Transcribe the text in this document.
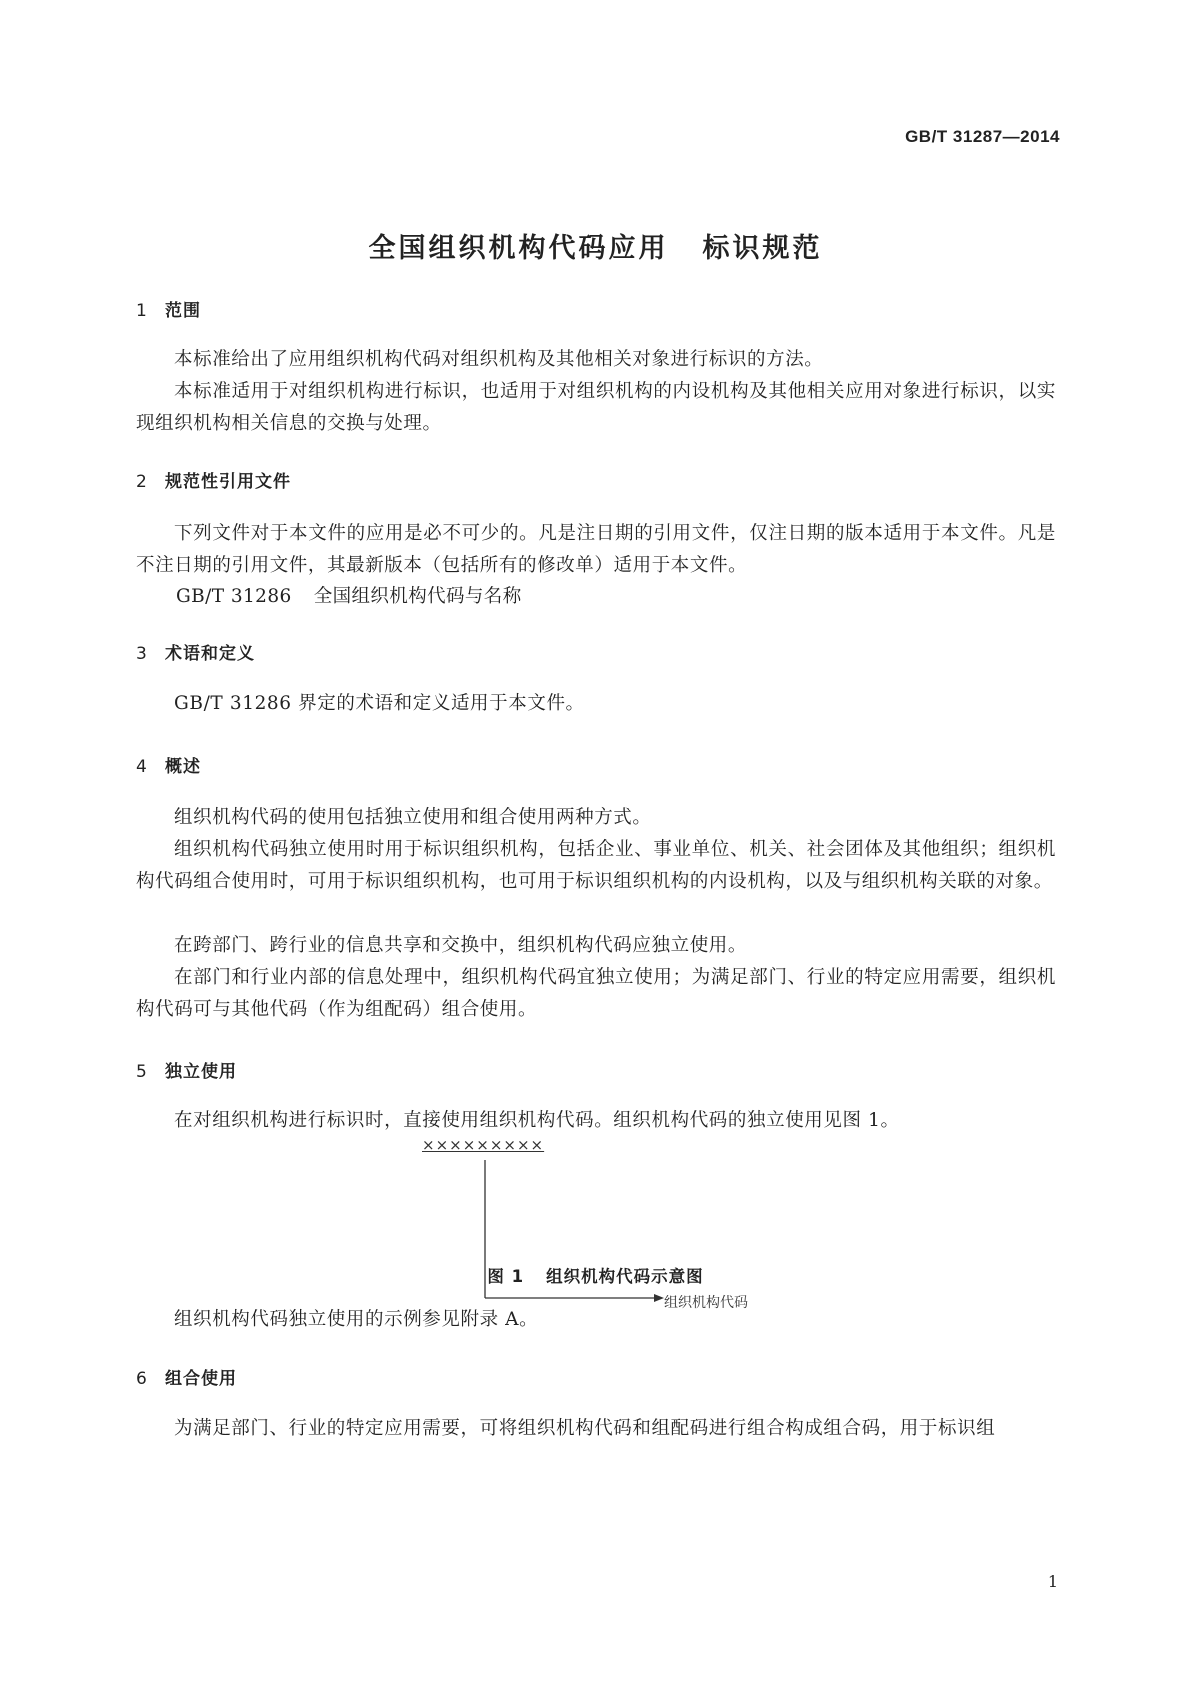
GB/T 31287—2014
全国组织机构代码应用 标识规范
1 范围
本标准给出了应用组织机构代码对组织机构及其他相关对象进行标识的方法。
本标准适用于对组织机构进行标识，也适用于对组织机构的内设机构及其他相关应用对象进行标识，以实现组织机构相关信息的交换与处理。
2 规范性引用文件
下列文件对于本文件的应用是必不可少的。凡是注日期的引用文件，仅注日期的版本适用于本文件。凡是不注日期的引用文件，其最新版本（包括所有的修改单）适用于本文件。
GB/T 31286 全国组织机构代码与名称
3 术语和定义
GB/T 31286 界定的术语和定义适用于本文件。
4 概述
组织机构代码的使用包括独立使用和组合使用两种方式。
组织机构代码独立使用时用于标识组织机构，包括企业、事业单位、机关、社会团体及其他组织；组织机构代码组合使用时，可用于标识组织机构，也可用于标识组织机构的内设机构，以及与组织机构关联的对象。
在跨部门、跨行业的信息共享和交换中，组织机构代码应独立使用。
在部门和行业内部的信息处理中，组织机构代码宜独立使用；为满足部门、行业的特定应用需要，组织机构代码可与其他代码（作为组配码）组合使用。
5 独立使用
在对组织机构进行标识时，直接使用组织机构代码。组织机构代码的独立使用见图 1。
×××××××××
组织机构代码
图 1 组织机构代码示意图
组织机构代码独立使用的示例参见附录 A。
6 组合使用
为满足部门、行业的特定应用需要，可将组织机构代码和组配码进行组合构成组合码，用于标识组
1
